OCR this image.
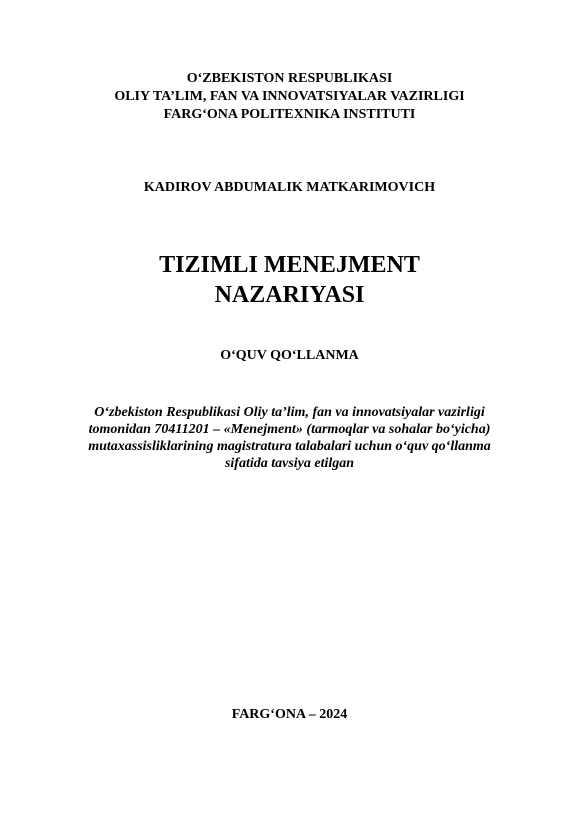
O‘ZBEKISTON RESPUBLIKASI
OLIY TA’LIM, FAN VA INNOVATSIYALAR VAZIRLIGI
FARG‘ONA POLITEXNIKA INSTITUTI
KADIROV ABDUMALIK MATKARIMOVICH
TIZIMLI MENEJMENT
NAZARIYASI
O‘QUV QO‘LLANMA
O‘zbekiston Respublikasi Oliy ta’lim, fan va innovatsiyalar vazirligi
tomonidan 70411201 – «Menejment» (tarmoqlar va sohalar bo‘yicha)
mutaxassisliklarining magistratura talabalari uchun o‘quv qo‘llanma
sifatida tavsiya etilgan
FARG‘ONA – 2024
